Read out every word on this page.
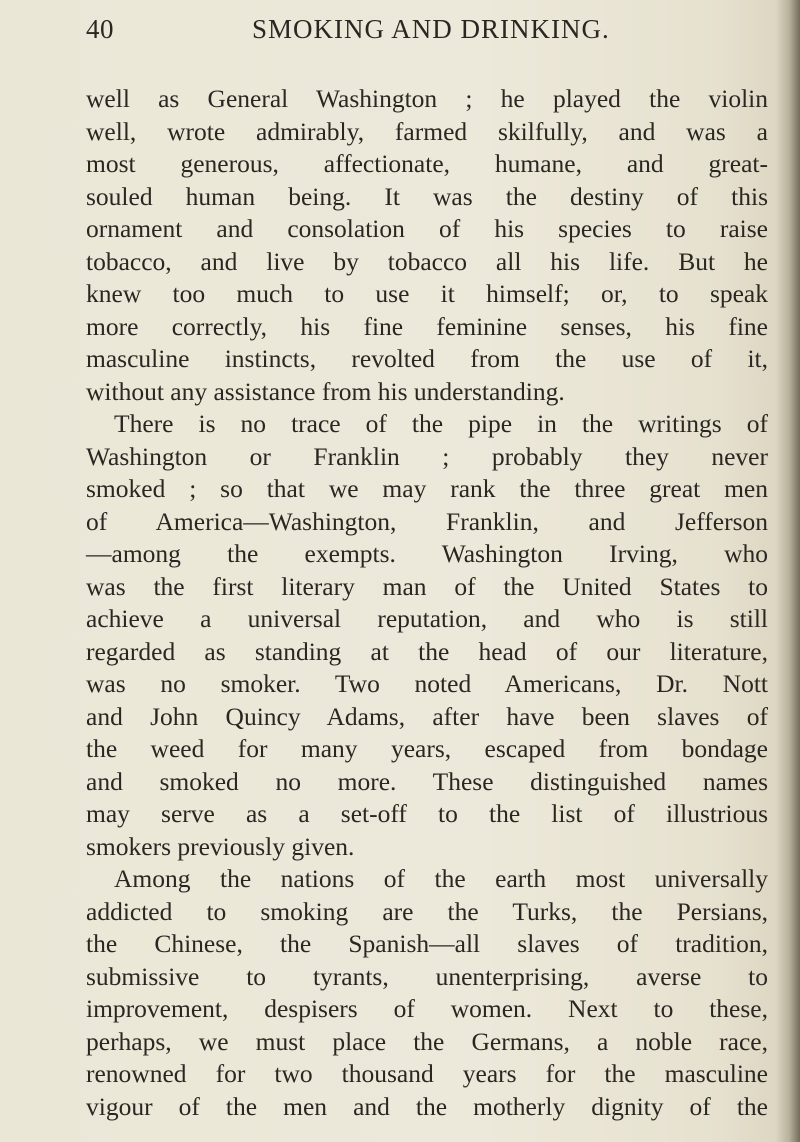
40	SMOKING AND DRINKING.
well as General Washington ; he played the violin
well, wrote admirably, farmed skilfully, and was a
most generous, affectionate, humane, and great-
souled human being. It was the destiny of this
ornament and consolation of his species to raise
tobacco, and live by tobacco all his life. But he
knew too much to use it himself; or, to speak
more correctly, his fine feminine senses, his fine
masculine instincts, revolted from the use of it,
without any assistance from his understanding.
There is no trace of the pipe in the writings of
Washington or Franklin ; probably they never
smoked ; so that we may rank the three great men
of America—Washington, Franklin, and Jefferson
—among the exempts. Washington Irving, who
was the first literary man of the United States to
achieve a universal reputation, and who is still
regarded as standing at the head of our literature,
was no smoker. Two noted Americans, Dr. Nott
and John Quincy Adams, after have been slaves of
the weed for many years, escaped from bondage
and smoked no more. These distinguished names
may serve as a set-off to the list of illustrious
smokers previously given.
Among the nations of the earth most universally
addicted to smoking are the Turks, the Persians,
the Chinese, the Spanish—all slaves of tradition,
submissive to tyrants, unenterprising, averse to
improvement, despisers of women. Next to these,
perhaps, we must place the Germans, a noble race,
renowned for two thousand years for the masculine
vigour of the men and the motherly dignity of the
